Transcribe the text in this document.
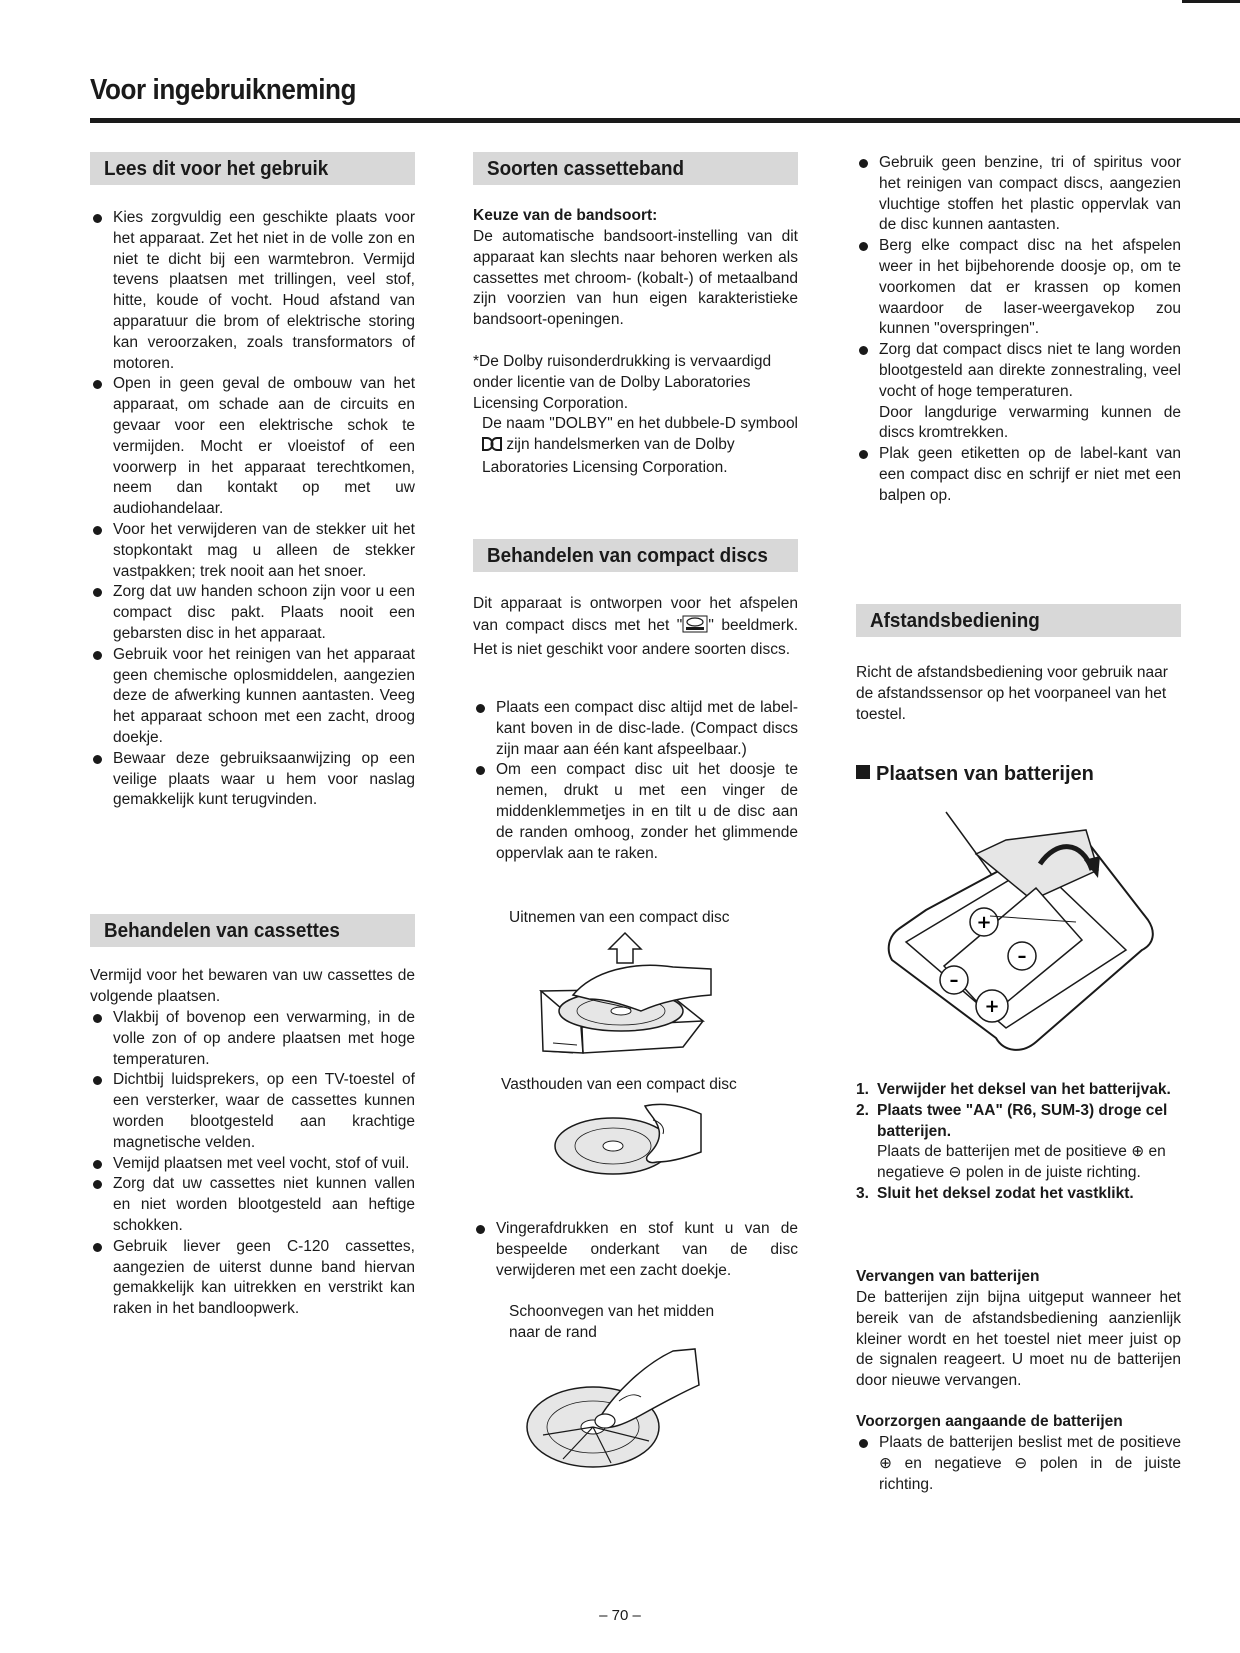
Voor ingebruikneming
Lees dit voor het gebruik
Kies zorgvuldig een geschikte plaats voor het apparaat. Zet het niet in de volle zon en niet te dicht bij een warmtebron. Vermijd tevens plaatsen met trillingen, veel stof, hitte, koude of vocht. Houd afstand van apparatuur die brom of elektrische storing kan veroorzaken, zoals transformators of motoren.
Open in geen geval de ombouw van het apparaat, om schade aan de circuits en gevaar voor een elektrische schok te vermijden. Mocht er vloeistof of een voorwerp in het apparaat terechtkomen, neem dan kontakt op met uw audiohandelaar.
Voor het verwijderen van de stekker uit het stopkontakt mag u alleen de stekker vastpakken; trek nooit aan het snoer.
Zorg dat uw handen schoon zijn voor u een compact disc pakt. Plaats nooit een gebarsten disc in het apparaat.
Gebruik voor het reinigen van het apparaat geen chemische oplosmiddelen, aangezien deze de afwerking kunnen aantasten. Veeg het apparaat schoon met een zacht, droog doekje.
Bewaar deze gebruiksaanwijzing op een veilige plaats waar u hem voor naslag gemakkelijk kunt terugvinden.
Behandelen van cassettes

Vermijd voor het bewaren van uw cassettes de volgende plaatsen.

Vlakbij of bovenop een verwarming, in de volle zon of op andere plaatsen met hoge temperaturen.
Dichtbij luidsprekers, op een TV-toestel of een versterker, waar de cassettes kunnen worden blootgesteld aan krachtige magnetische velden.
Vemijd plaatsen met veel vocht, stof of vuil.
Zorg dat uw cassettes niet kunnen vallen en niet worden blootgesteld aan heftige schokken.
Gebruik liever geen C-120 cassettes, aangezien de uiterst dunne band hiervan gemakkelijk kan uitrekken en verstrikt kan raken in het bandloopwerk.
Soorten cassetteband

Keuze van de bandsoort:

De automatische bandsoort-instelling van dit apparaat kan slechts naar behoren werken als cassettes met chroom- (kobalt-) of metaalband zijn voorzien van hun eigen karakteristieke bandsoort-openingen.

*De Dolby ruisonderdrukking is vervaardigd onder licentie van de Dolby Laboratories Licensing Corporation.

De naam "DOLBY" en het dubbele-D symbool  zijn handelsmerken van de Dolby Laboratories Licensing Corporation.

Behandelen van compact discs

Dit apparaat is ontworpen voor het afspelen van compact discs met het " " beeldmerk. Het is niet geschikt voor andere soorten discs.

Plaats een compact disc altijd met de label-kant boven in de disc-lade. (Compact discs zijn maar aan één kant afspeelbaar.)
Om een compact disc uit het doosje te nemen, drukt u met een vinger de middenklemmetjes in en tilt u de disc aan de randen omhoog, zonder het glimmende oppervlak aan te raken.
Uitnemen van een compact disc
Vasthouden van een compact disc
Vingerafdrukken en stof kunt u van de bespeelde onderkant van de disc verwijderen met een zacht doekje.
Schoonvegen van het midden
naar de rand
Gebruik geen benzine, tri of spiritus voor het reinigen van compact discs, aangezien vluchtige stoffen het plastic oppervlak van de disc kunnen aantasten.
Berg elke compact disc na het afspelen weer in het bijbehorende doosje op, om te voorkomen dat er krassen op komen waardoor de laser-weergavekop zou kunnen "overspringen".
Zorg dat compact discs niet te lang worden blootgesteld aan direkte zonnestraling, veel vocht of hoge temperaturen.
Door langdurige verwarming kunnen de discs kromtrekken.
Plak geen etiketten op de label-kant van een compact disc en schrijf er niet met een balpen op.
Afstandsbediening

Richt de afstandsbediening voor gebruik naar de afstandssensor op het voorpaneel van het toestel.

Plaatsen van batterijen
+
–
–
+
1. Verwijder het deksel van het batterijvak.
2. Plaats twee "AA" (R6, SUM-3) droge cel batterijen.
Plaats de batterijen met de positieve ⊕ en negatieve ⊖ polen in de juiste richting.
3. Sluit het deksel zodat het vastklikt.

Vervangen van batterijen

De batterijen zijn bijna uitgeput wanneer het bereik van de afstandsbediening aanzienlijk kleiner wordt en het toestel niet meer juist op de signalen reageert. U moet nu de batterijen door nieuwe vervangen.

Voorzorgen aangaande de batterijen

Plaats de batterijen beslist met de positieve ⊕ en negatieve ⊖ polen in de juiste richting.
– 70 –
